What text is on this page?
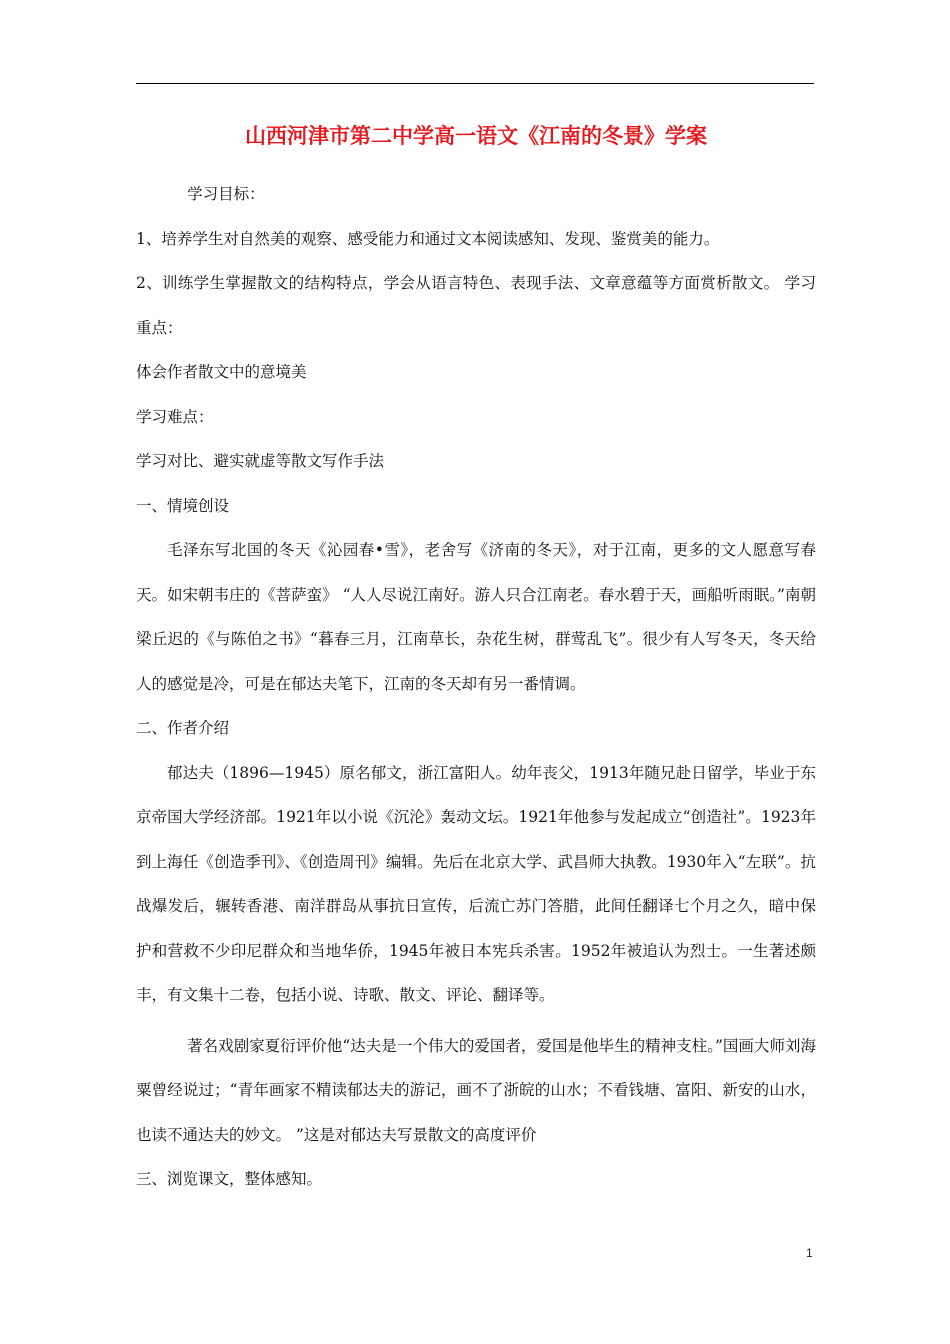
山西河津市第二中学高一语文《江南的冬景》学案

学习目标：

1、培养学生对自然美的观察、感受能力和通过文本阅读感知、发现、鉴赏美的能力。

2、训练学生掌握散文的结构特点，学会从语言特色、表现手法、文章意蕴等方面赏析散文。 学习重点：

体会作者散文中的意境美

学习难点：

学习对比、避实就虚等散文写作手法

一、情境创设

毛泽东写北国的冬天《沁园春•雪》，老舍写《济南的冬天》，对于江南，更多的文人愿意写春天。如宋朝韦庄的《菩萨蛮》 “人人尽说江南好。游人只合江南老。春水碧于天，画船听雨眠。”南朝梁丘迟的《与陈伯之书》“暮春三月，江南草长，杂花生树，群莺乱飞”。很少有人写冬天，冬天给人的感觉是冷，可是在郁达夫笔下，江南的冬天却有另一番情调。

二、作者介绍

郁达夫（1896—1945）原名郁文，浙江富阳人。幼年丧父，1913年随兄赴日留学，毕业于东京帝国大学经济部。1921年以小说《沉沦》轰动文坛。1921年他参与发起成立“创造社”。1923年到上海任《创造季刊》、《创造周刊》编辑。先后在北京大学、武昌师大执教。1930年入“左联”。抗战爆发后，辗转香港、南洋群岛从事抗日宣传，后流亡苏门答腊，此间任翻译七个月之久，暗中保护和营救不少印尼群众和当地华侨，1945年被日本宪兵杀害。1952年被追认为烈士。一生著述颇丰，有文集十二卷，包括小说、诗歌、散文、评论、翻译等。

著名戏剧家夏衍评价他“达夫是一个伟大的爱国者，爱国是他毕生的精神支柱。”国画大师刘海粟曾经说过；“青年画家不精读郁达夫的游记，画不了浙皖的山水；不看钱塘、富阳、新安的山水，也读不通达夫的妙文。 ”这是对郁达夫写景散文的高度评价

三、浏览课文，整体感知。

1
